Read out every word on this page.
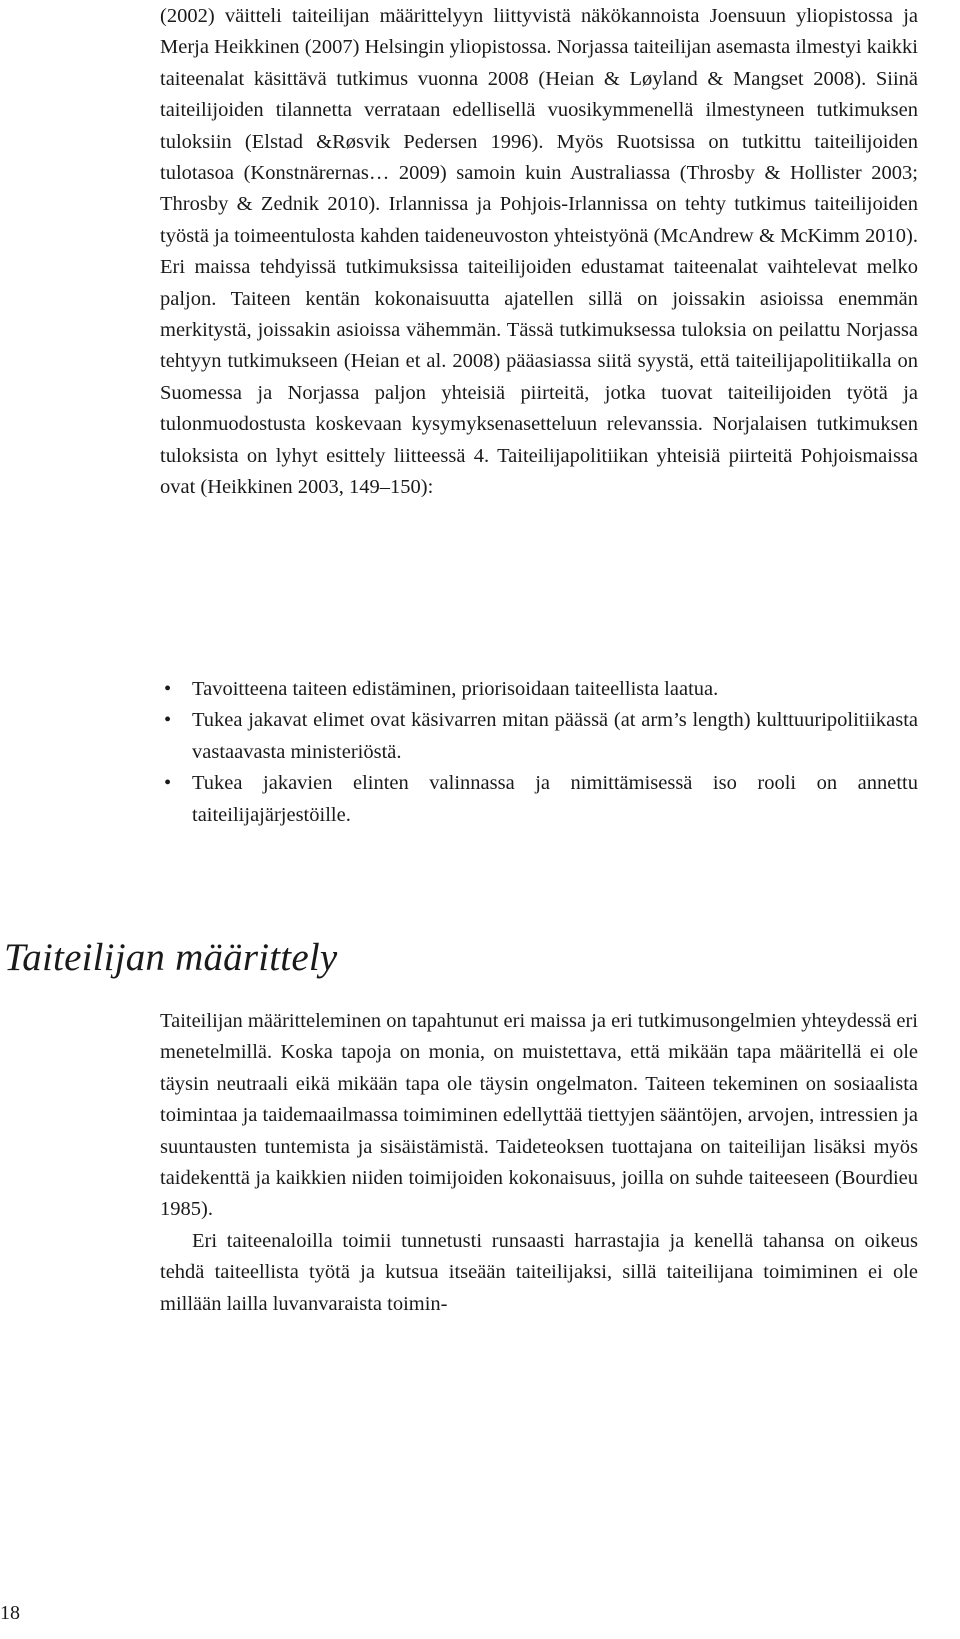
(2002) väitteli taiteilijan määrittelyyn liittyvistä näkökannoista Joensuun yliopistossa ja Merja Heikkinen (2007) Helsingin yliopistossa. Norjassa taiteilijan asemasta ilmestyi kaikki taiteenalat käsittävä tutkimus vuonna 2008 (Heian & Løyland & Mangset 2008). Siinä taiteilijoiden tilannetta verrataan edellisellä vuosikymmenellä ilmestyneen tutkimuksen tuloksiin (Elstad &Røsvik Pedersen 1996). Myös Ruotsissa on tutkittu taiteilijoiden tulotasoa (Konstnärernas… 2009) samoin kuin Australiassa (Throsby & Hollister 2003; Throsby & Zednik 2010). Irlannissa ja Pohjois-Irlannissa on tehty tutkimus taiteilijoiden työstä ja toimeentulosta kahden taideneuvoston yhteistyönä (McAndrew & McKimm 2010). Eri maissa tehdyissä tutkimuksissa taiteilijoiden edustamat taiteenalat vaihtelevat melko paljon. Taiteen kentän kokonaisuutta ajatellen sillä on joissakin asioissa enemmän merkitystä, joissakin asioissa vähemmän. Tässä tutkimuksessa tuloksia on peilattu Norjassa tehtyyn tutkimukseen (Heian et al. 2008) pääasiassa siitä syystä, että taiteilijapolitiikalla on Suomessa ja Norjassa paljon yhteisiä piirteitä, jotka tuovat taiteilijoiden työtä ja tulonmuodostusta koskevaan kysymyksenasetteluun relevanssia. Norjalaisen tutkimuksen tuloksista on lyhyt esittely liitteessä 4. Taiteilijapolitiikan yhteisiä piirteitä Pohjoismaissa ovat (Heikkinen 2003, 149–150):

• Tavoitteena taiteen edistäminen, priorisoidaan taiteellista laatua.
• Tukea jakavat elimet ovat käsivarren mitan päässä (at arm’s length) kulttuuripolitiikasta vastaavasta ministeriöstä.
• Tukea jakavien elinten valinnassa ja nimittämisessä iso rooli on annettu taiteilijajärjestöille.
Taiteilijan määrittely

Taiteilijan määritteleminen on tapahtunut eri maissa ja eri tutkimusongelmien yhteydessä eri menetelmillä. Koska tapoja on monia, on muistettava, että mikään tapa määritellä ei ole täysin neutraali eikä mikään tapa ole täysin ongelmaton. Taiteen tekeminen on sosiaalista toimintaa ja taidemaailmassa toimiminen edellyttää tiettyjen sääntöjen, arvojen, intressien ja suuntausten tuntemista ja sisäistämistä. Taideteoksen tuottajana on taiteilijan lisäksi myös taidekenttä ja kaikkien niiden toimijoiden kokonaisuus, joilla on suhde taiteeseen (Bourdieu 1985).

Eri taiteenaloilla toimii tunnetusti runsaasti harrastajia ja kenellä tahansa on oikeus tehdä taiteellista työtä ja kutsua itseään taiteilijaksi, sillä taiteilijana toimiminen ei ole millään lailla luvanvaraista toimin-

18
